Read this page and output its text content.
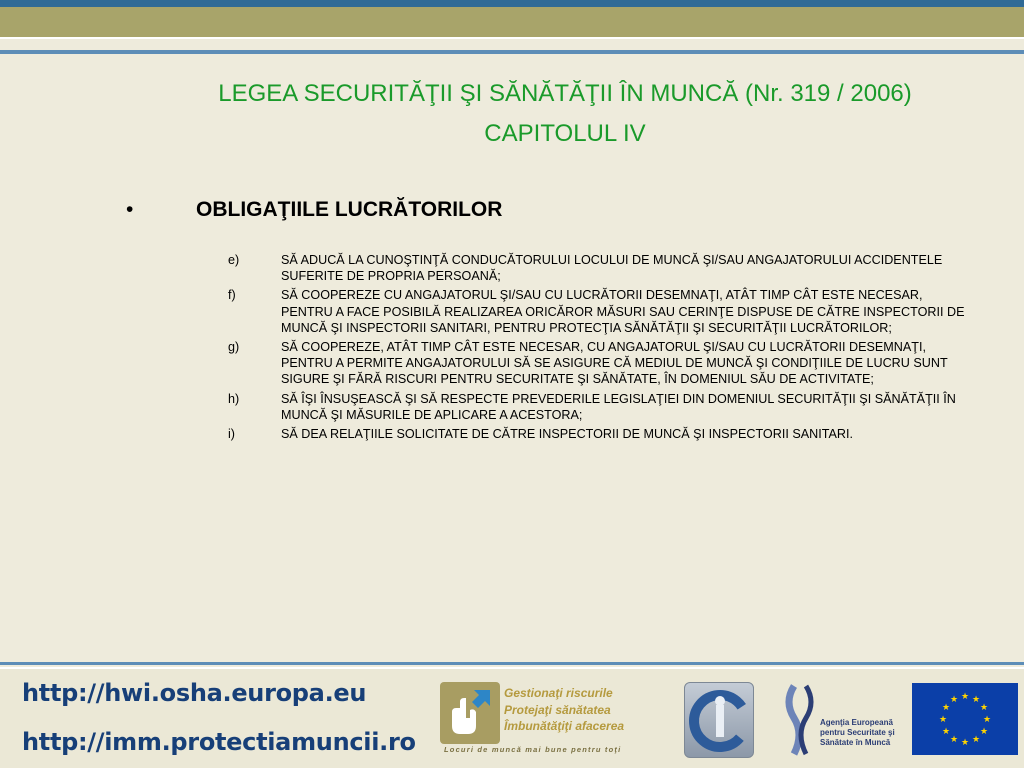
LEGEA SECURITĂŢII ŞI SĂNĂTĂŢII ÎN MUNCĂ (Nr. 319 / 2006)
CAPITOLUL IV
•	OBLIGAŢIILE LUCRĂTORILOR
e)	SĂ ADUCĂ LA CUNOŞTINŢĂ CONDUCĂTORULUI LOCULUI DE MUNCĂ ŞI/SAU ANGAJATORULUI ACCIDENTELE SUFERITE DE PROPRIA PERSOANĂ;
f)	SĂ COOPEREZE CU ANGAJATORUL ŞI/SAU CU LUCRĂTORII DESEMNAŢI, ATÂT TIMP CÂT ESTE NECESAR, PENTRU A FACE POSIBILĂ REALIZAREA ORICĂROR MĂSURI SAU CERINŢE DISPUSE DE CĂTRE INSPECTORII DE MUNCĂ ŞI INSPECTORII SANITARI, PENTRU PROTECŢIA SĂNĂTĂŢII ŞI SECURITĂŢII LUCRĂTORILOR;
g)	SĂ COOPEREZE, ATÂT TIMP CÂT ESTE NECESAR, CU ANGAJATORUL ŞI/SAU CU LUCRĂTORII DESEMNAŢI, PENTRU A PERMITE ANGAJATORULUI SĂ SE ASIGURE CĂ MEDIUL DE MUNCĂ ŞI CONDIŢIILE DE LUCRU SUNT SIGURE ŞI FĂRĂ RISCURI PENTRU SECURITATE ŞI SĂNĂTATE, ÎN DOMENIUL SĂU DE ACTIVITATE;
h)	SĂ ÎŞI ÎNSUŞEASCĂ ŞI SĂ RESPECTE PREVEDERILE LEGISLAŢIEI DIN DOMENIUL SECURITĂŢII ŞI SĂNĂTĂŢII ÎN MUNCĂ ŞI MĂSURILE DE APLICARE A ACESTORA;
i)	SĂ DEA RELAŢIILE SOLICITATE DE CĂTRE INSPECTORII DE MUNCĂ ŞI INSPECTORII SANITARI.
http://hwi.osha.europa.eu
http://imm.protectiamuncii.ro
Gestionaţi riscurile
Protejaţi sănătatea
Îmbunătăţiţi afacerea
Locuri de muncă mai bune pentru toţi
Agenţia Europeană
pentru Securitate şi
Sănătate în Muncă
★ ★
★
★
★
★
★
★
★
★
★
★
